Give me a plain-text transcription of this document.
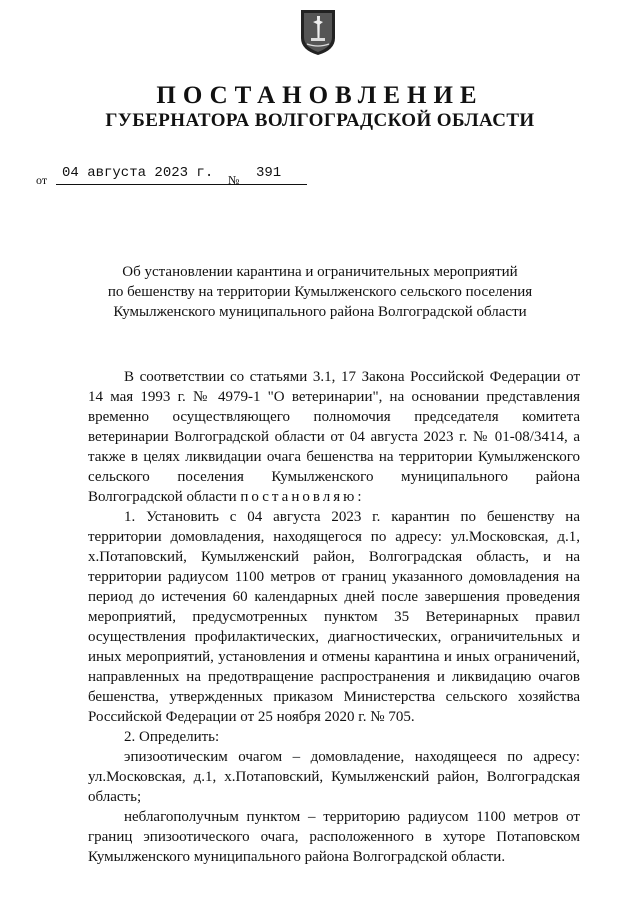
ПОСТАНОВЛЕНИЕ
ГУБЕРНАТОРА ВОЛГОГРАДСКОЙ ОБЛАСТИ
от	04 августа 2023 г.	№	391
Об установлении карантина и ограничительных мероприятий
по бешенству на территории Кумылженского сельского поселения
Кумылженского муниципального района Волгоградской области

В соответствии со статьями 3.1, 17 Закона Российской Федерации от 14 мая 1993 г. № 4979-1 "О ветеринарии", на основании представления временно осуществляющего полномочия председателя комитета ветеринарии Волгоградской области от 04 августа 2023 г. № 01-08/3414, а также в целях ликвидации очага бешенства на территории Кумылженского сельского поселения Кумылженского муниципального района Волгоградской области постановляю:

1. Установить с 04 августа 2023 г. карантин по бешенству на территории домовладения, находящегося по адресу: ул.Московская, д.1, х.Потаповский, Кумылженский район, Волгоградская область, и на территории радиусом 1100 метров от границ указанного домовладения на период до истечения 60 календарных дней после завершения проведения мероприятий, предусмотренных пунктом 35 Ветеринарных правил осуществления профилактических, диагностических, ограничительных и иных мероприятий, установления и отмены карантина и иных ограничений, направленных на предотвращение распространения и ликвидацию очагов бешенства, утвержденных приказом Министерства сельского хозяйства Российской Федерации от 25 ноября 2020 г. № 705.

2. Определить:

эпизоотическим очагом – домовладение, находящееся по адресу: ул.Московская, д.1, х.Потаповский, Кумылженский район, Волгоградская область;

неблагополучным пунктом – территорию радиусом 1100 метров от границ эпизоотического очага, расположенного в хуторе Потаповском Кумылженского муниципального района Волгоградской области.
